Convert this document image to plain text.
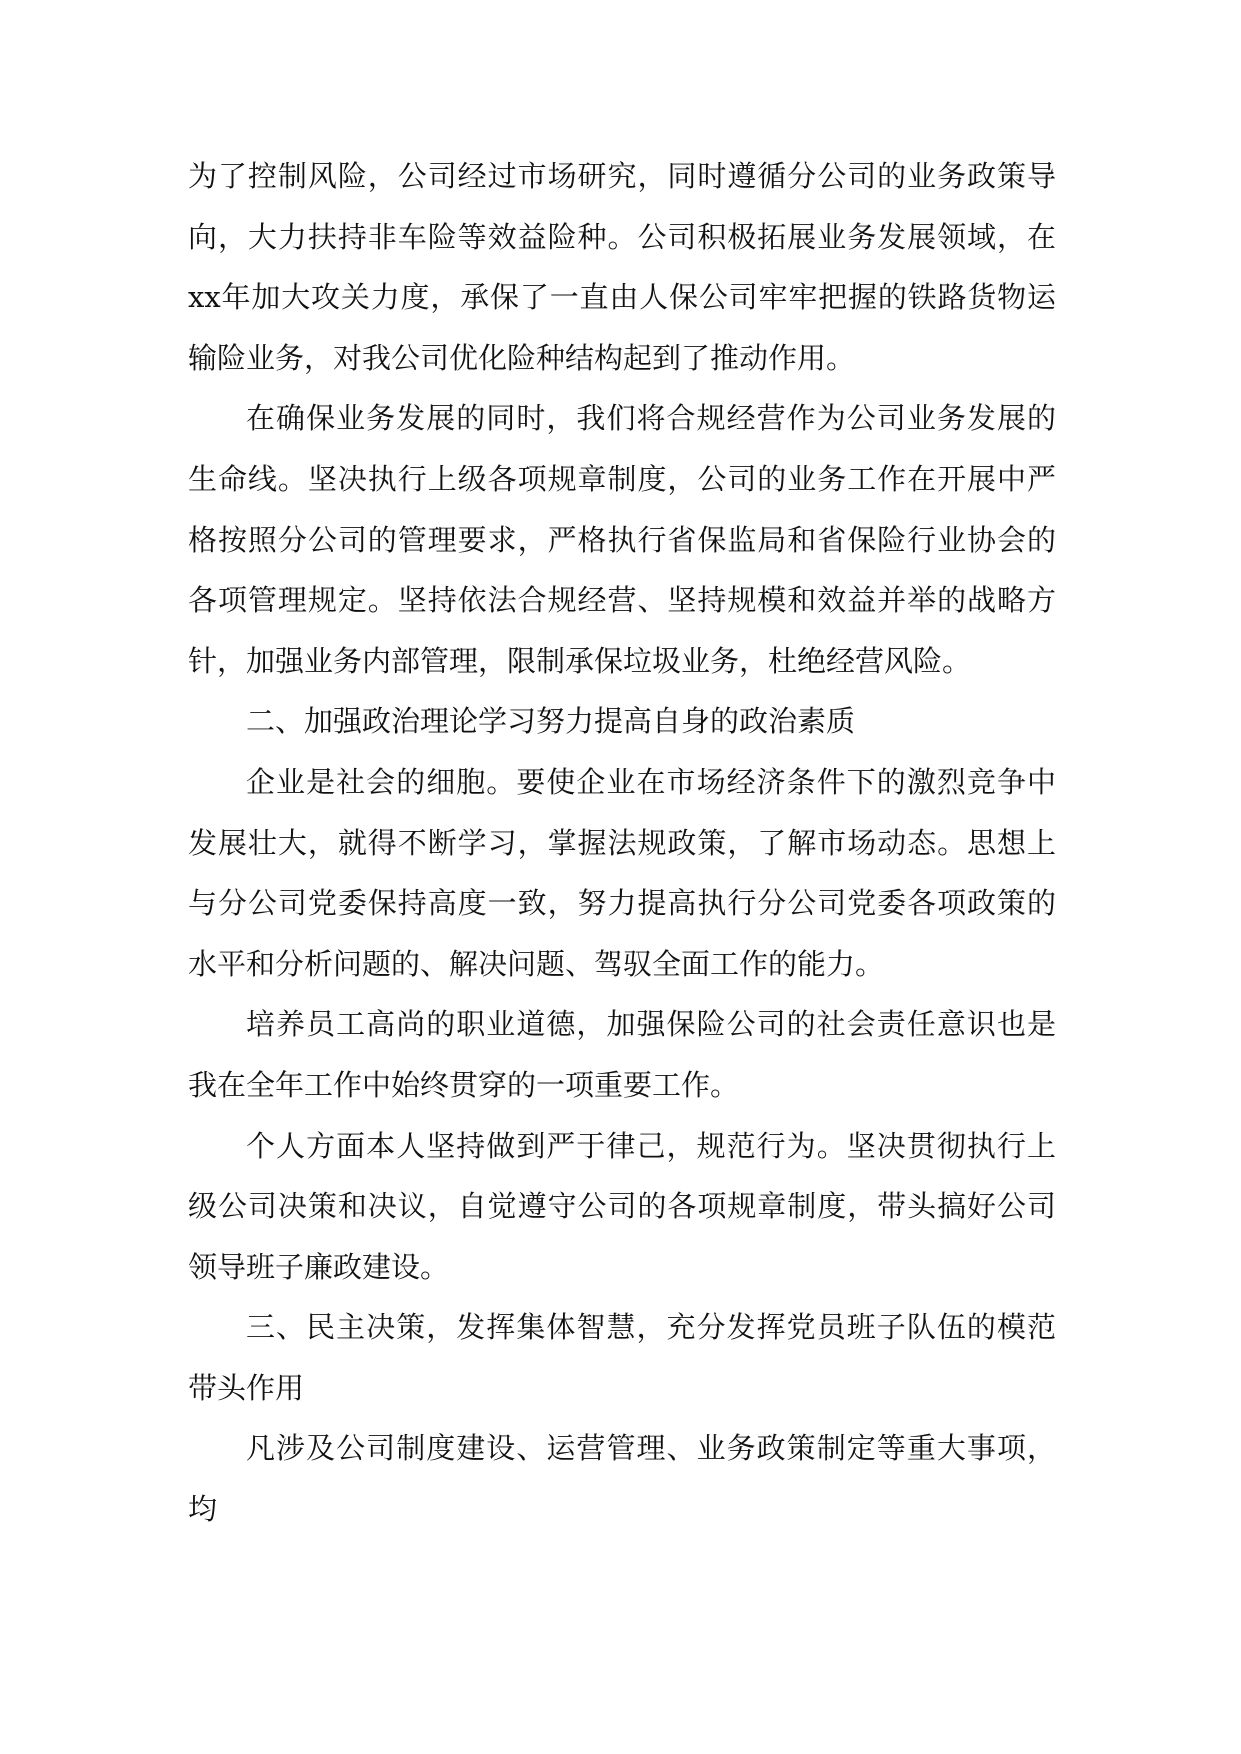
为了控制风险，公司经过市场研究，同时遵循分公司的业务政策导向，大力扶持非车险等效益险种。公司积极拓展业务发展领域，在xx年加大攻关力度，承保了一直由人保公司牢牢把握的铁路货物运输险业务，对我公司优化险种结构起到了推动作用。

在确保业务发展的同时，我们将合规经营作为公司业务发展的生命线。坚决执行上级各项规章制度，公司的业务工作在开展中严格按照分公司的管理要求，严格执行省保监局和省保险行业协会的各项管理规定。坚持依法合规经营、坚持规模和效益并举的战略方针，加强业务内部管理，限制承保垃圾业务，杜绝经营风险。

二、加强政治理论学习努力提高自身的政治素质

企业是社会的细胞。要使企业在市场经济条件下的激烈竞争中发展壮大，就得不断学习，掌握法规政策，了解市场动态。思想上与分公司党委保持高度一致，努力提高执行分公司党委各项政策的水平和分析问题的、解决问题、驾驭全面工作的能力。

培养员工高尚的职业道德，加强保险公司的社会责任意识也是我在全年工作中始终贯穿的一项重要工作。

个人方面本人坚持做到严于律己，规范行为。坚决贯彻执行上级公司决策和决议，自觉遵守公司的各项规章制度，带头搞好公司领导班子廉政建设。

三、民主决策，发挥集体智慧，充分发挥党员班子队伍的模范带头作用

凡涉及公司制度建设、运营管理、业务政策制定等重大事项，均
